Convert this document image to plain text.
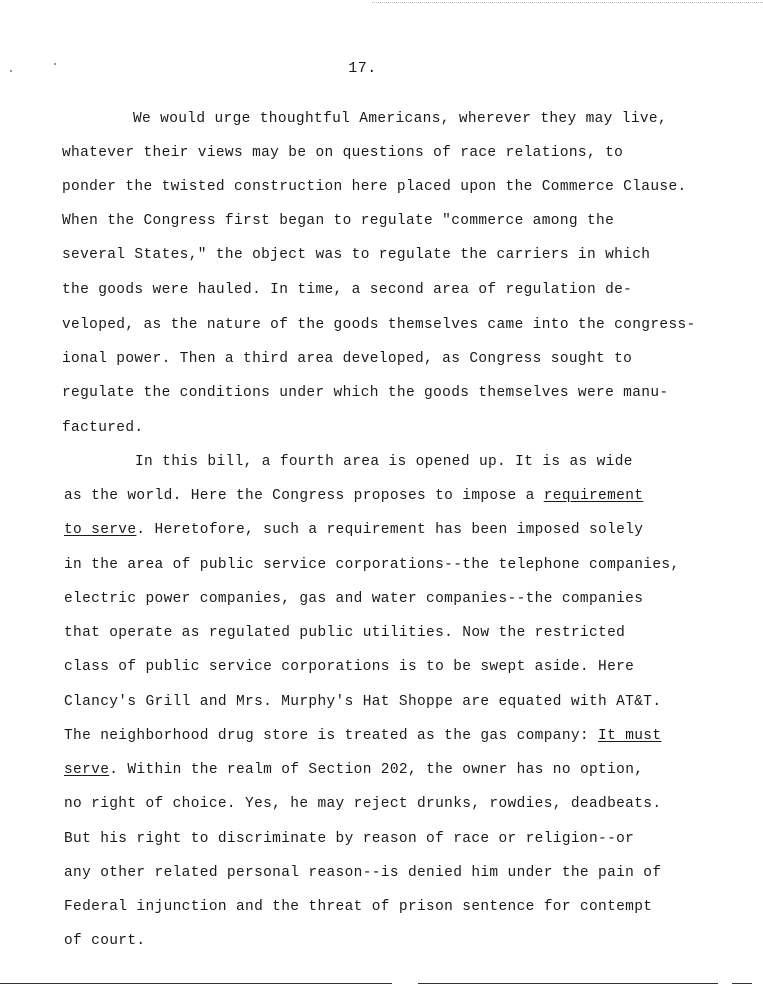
17.
We would urge thoughtful Americans, wherever they may live,
whatever their views may be on questions of race relations, to
ponder the twisted construction here placed upon the Commerce Clause.
When the Congress first began to regulate "commerce among the
several States," the object was to regulate the carriers in which
the goods were hauled. In time, a second area of regulation de-
veloped, as the nature of the goods themselves came into the congress-
ional power. Then a third area developed, as Congress sought to
regulate the conditions under which the goods themselves were manu-
factured.
In this bill, a fourth area is opened up. It is as wide
as the world. Here the Congress proposes to impose a requirement
to serve. Heretofore, such a requirement has been imposed solely
in the area of public service corporations--the telephone companies,
electric power companies, gas and water companies--the companies
that operate as regulated public utilities. Now the restricted
class of public service corporations is to be swept aside. Here
Clancy's Grill and Mrs. Murphy's Hat Shoppe are equated with AT&T.
The neighborhood drug store is treated as the gas company: It must
serve. Within the realm of Section 202, the owner has no option,
no right of choice. Yes, he may reject drunks, rowdies, deadbeats.
But his right to discriminate by reason of race or religion--or
any other related personal reason--is denied him under the pain of
Federal injunction and the threat of prison sentence for contempt
of court.
